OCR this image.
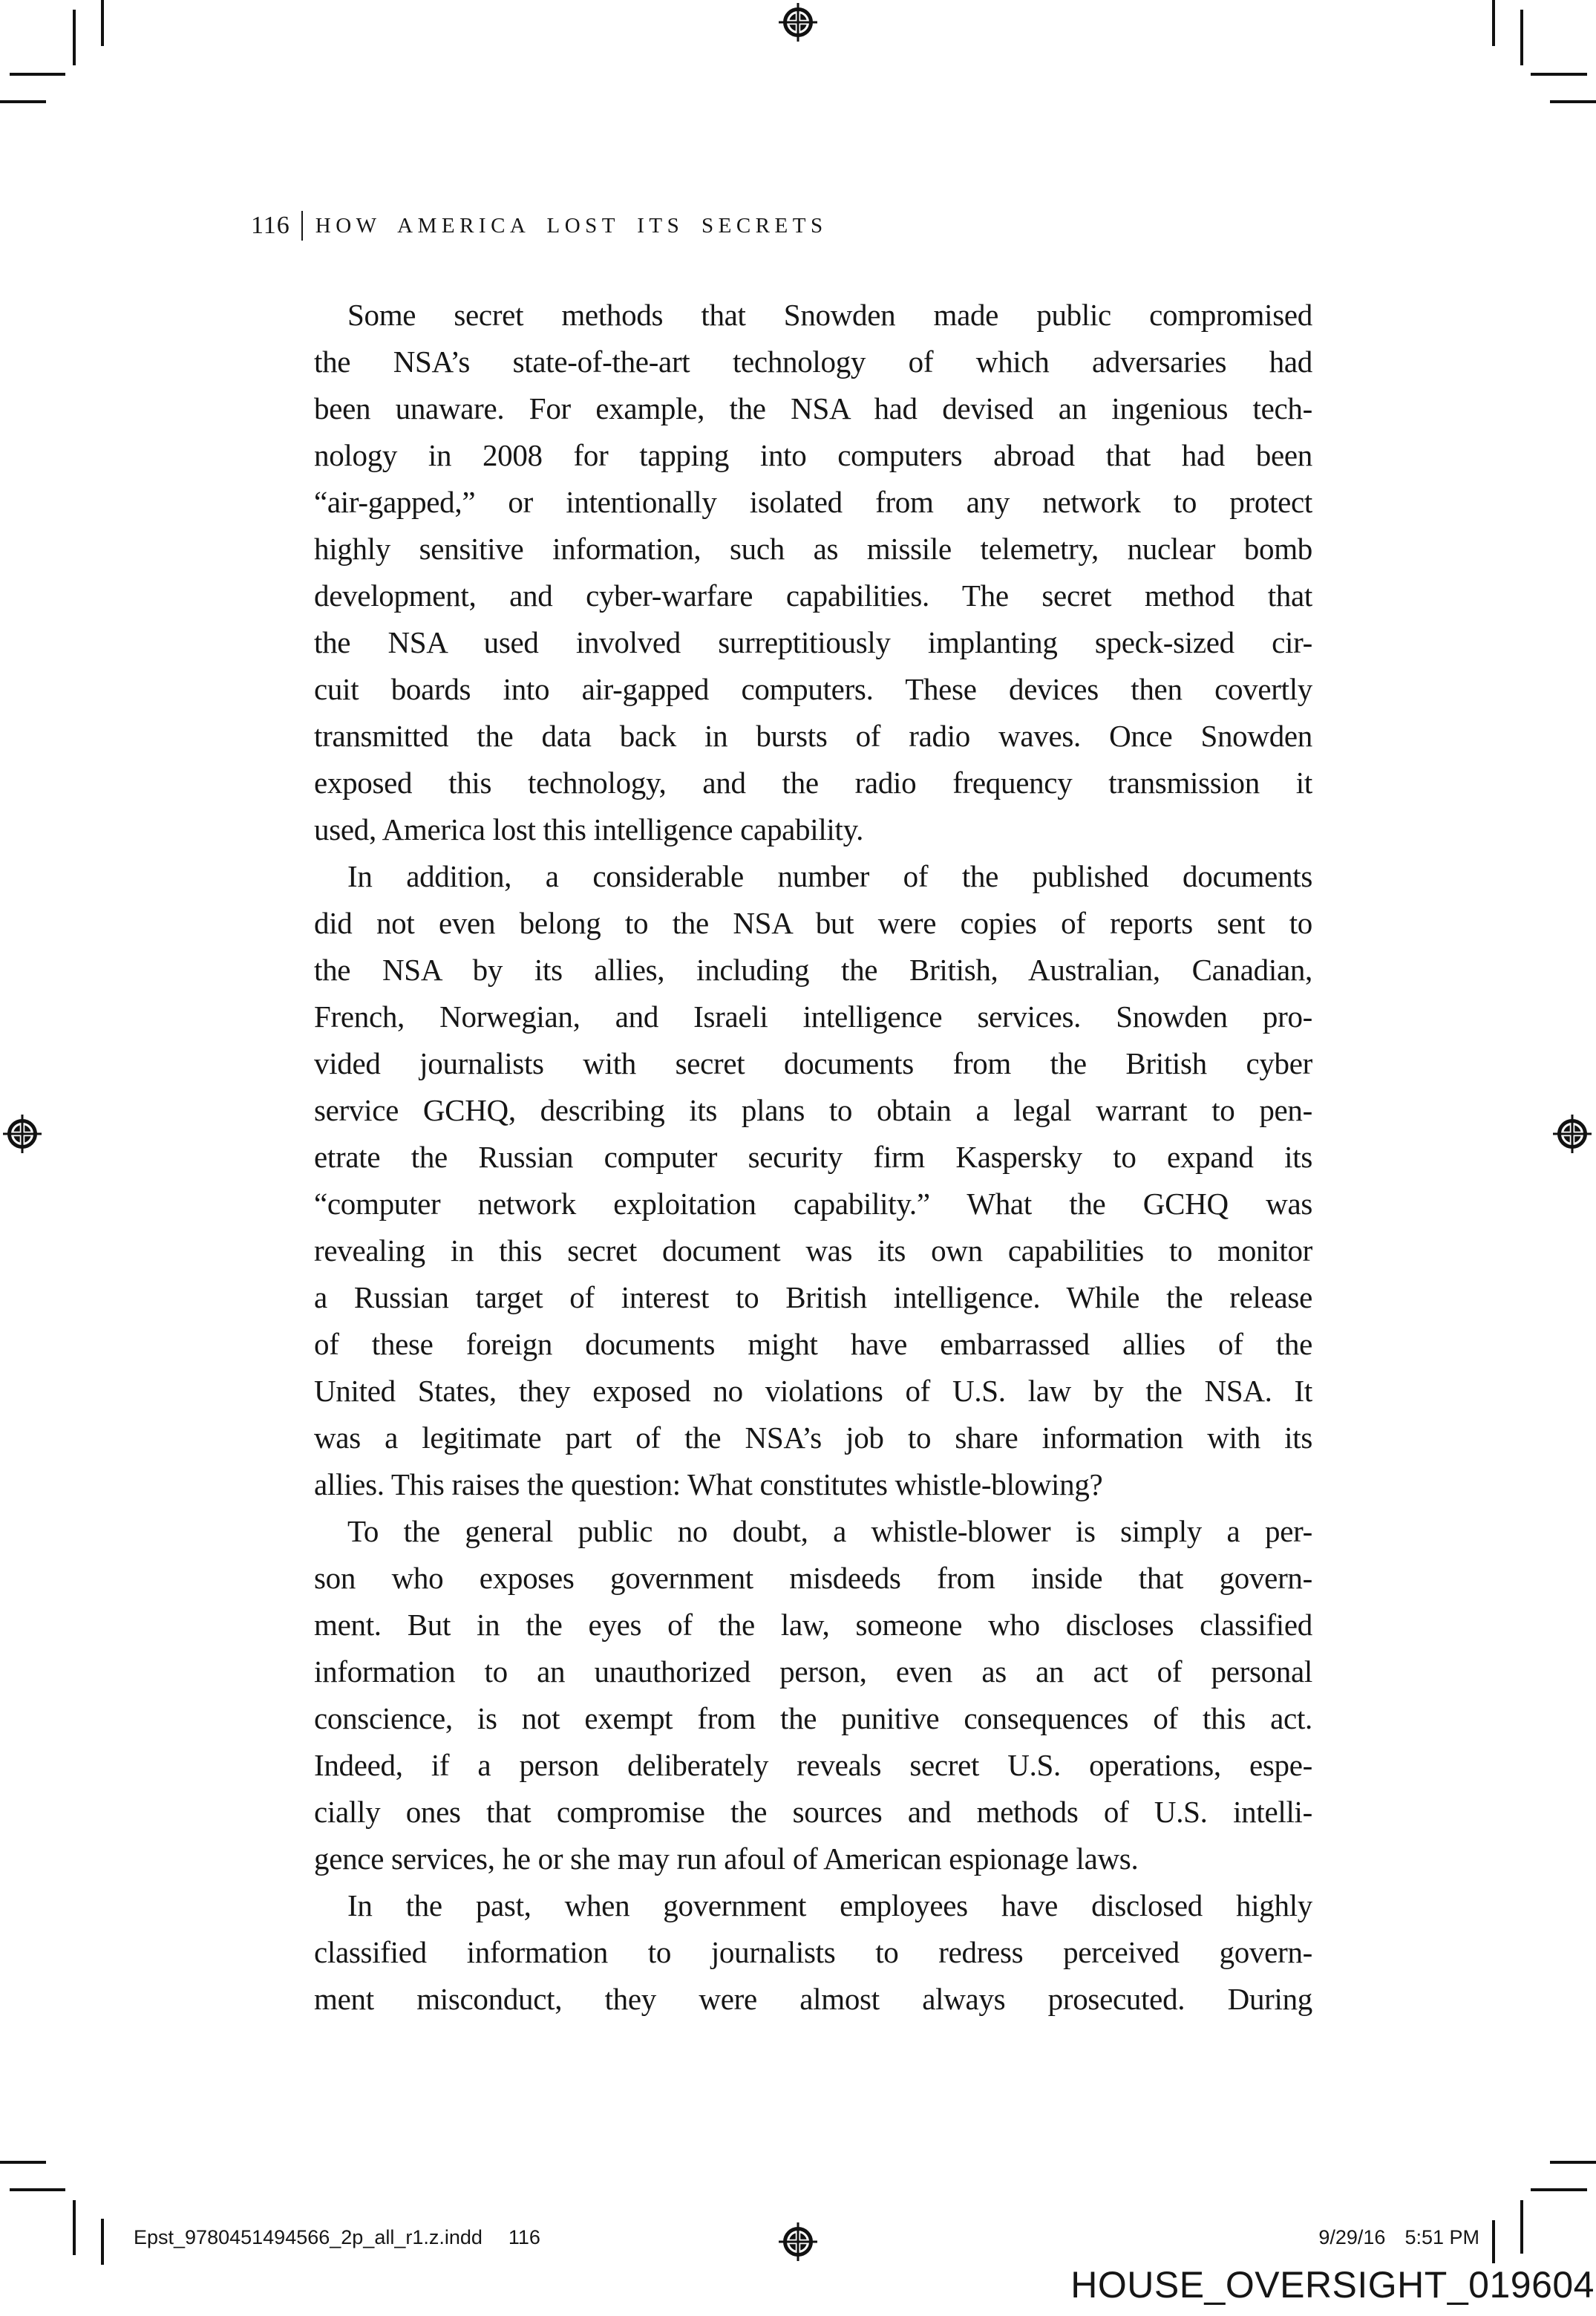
116 HOW AMERICA LOST ITS SECRETS
Some secret methods that Snowden made public compromised
the NSA’s state-of-the-art technology of which adversaries had
been unaware. For example, the NSA had devised an ingenious tech-
nology in 2008 for tapping into computers abroad that had been
“air-gapped,” or intentionally isolated from any network to protect
highly sensitive information, such as missile telemetry, nuclear bomb
development, and cyber-warfare capabilities. The secret method that
the NSA used involved surreptitiously implanting speck-sized cir-
cuit boards into air-gapped computers. These devices then covertly
transmitted the data back in bursts of radio waves. Once Snowden
exposed this technology, and the radio frequency transmission it
used, America lost this intelligence capability.
In addition, a considerable number of the published documents
did not even belong to the NSA but were copies of reports sent to
the NSA by its allies, including the British, Australian, Canadian,
French, Norwegian, and Israeli intelligence services. Snowden pro-
vided journalists with secret documents from the British cyber
service GCHQ, describing its plans to obtain a legal warrant to pen-
etrate the Russian computer security firm Kaspersky to expand its
“computer network exploitation capability.” What the GCHQ was
revealing in this secret document was its own capabilities to monitor
a Russian target of interest to British intelligence. While the release
of these foreign documents might have embarrassed allies of the
United States, they exposed no violations of U.S. law by the NSA. It
was a legitimate part of the NSA’s job to share information with its
allies. This raises the question: What constitutes whistle-blowing?
To the general public no doubt, a whistle-blower is simply a per-
son who exposes government misdeeds from inside that govern-
ment. But in the eyes of the law, someone who discloses classified
information to an unauthorized person, even as an act of personal
conscience, is not exempt from the punitive consequences of this act.
Indeed, if a person deliberately reveals secret U.S. operations, espe-
cially ones that compromise the sources and methods of U.S. intelli-
gence services, he or she may run afoul of American espionage laws.
In the past, when government employees have disclosed highly
classified information to journalists to redress perceived govern-
ment misconduct, they were almost always prosecuted. During
Epst_9780451494566_2p_all_r1.z.indd 116	9/29/16 5:51 PM
HOUSE_OVERSIGHT_019604
